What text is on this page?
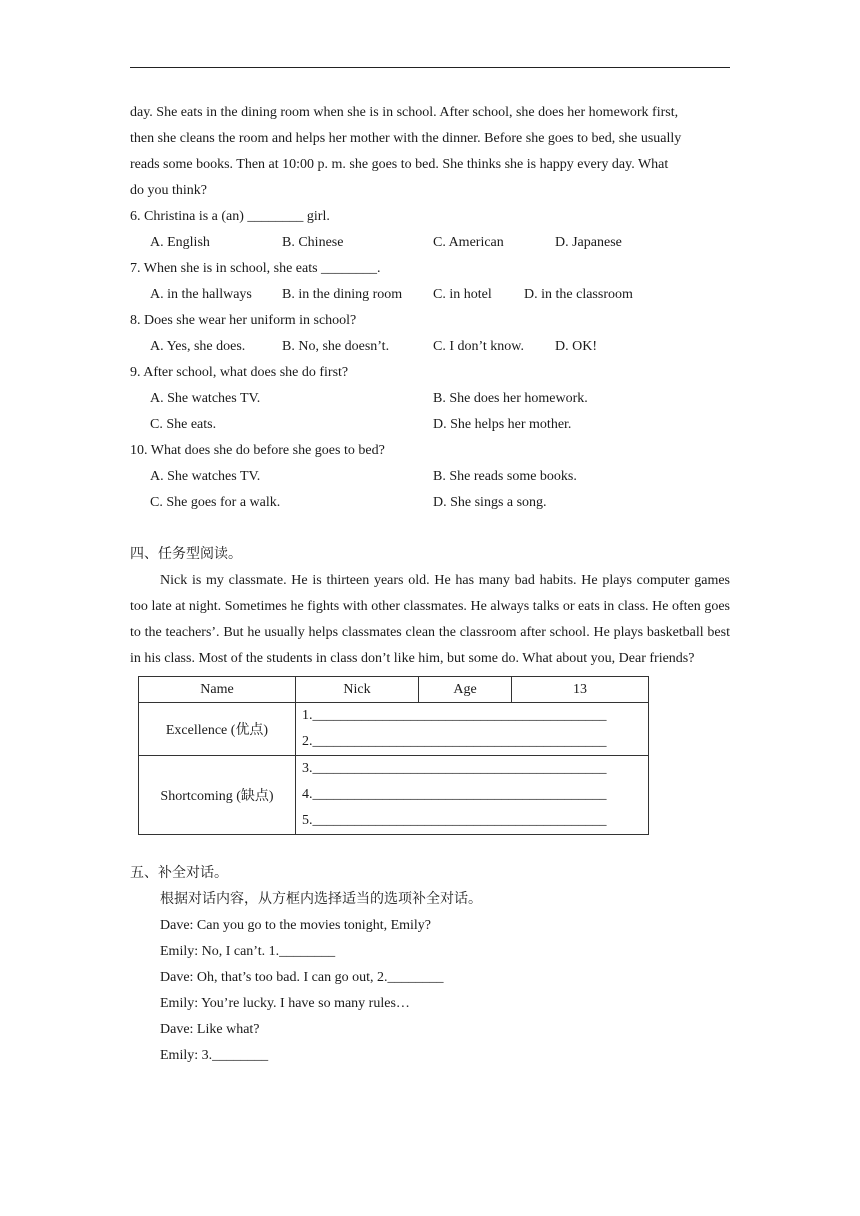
day. She eats in the dining room when she is in school. After school, she does her homework first,

then she cleans the room and helps her mother with the dinner. Before she goes to bed, she usually

reads some books. Then at 10:00 p. m. she goes to bed. She thinks she is happy every day. What

do you think?

6. Christina is a (an) ________ girl.

A. English	B. Chinese	C. American	D. Japanese

7. When she is in school, she eats ________.

A. in the hallways B. in the dining room C. in hotel D. in the classroom

8. Does she wear her uniform in school?

A. Yes, she does.	B. No, she doesn’t.	C. I don’t know. D. OK!

9. After school, what does she do first?

A. She watches TV.	B. She does her homework.
C. She eats.	D. She helps her mother.

10. What does she do before she goes to bed?

A. She watches TV.	B. She reads some books.
C. She goes for a walk.	D. She sings a song.

四、任务型阅读。

Nick is my classmate. He is thirteen years old. He has many bad habits. He plays computer games too late at night. Sometimes he fights with other classmates. He always talks or eats in class. He often goes to the teachers’. But he usually helps classmates clean the classroom after school. He plays basketball best in his class. Most of the students in class don’t like him, but some do. What about you, Dear friends?

Name	Nick	Age	13
Excellence (优点)	1.__________________________________________
2.__________________________________________		

Shortcoming (缺点)	3.__________________________________________
4.__________________________________________
5.__________________________________________		

五、补全对话。

根据对话内容，从方框内选择适当的选项补全对话。

Dave: Can you go to the movies tonight, Emily?

Emily: No, I can’t. 1.________

Dave: Oh, that’s too bad. I can go out, 2.________

Emily: You’re lucky. I have so many rules…

Dave: Like what?

Emily: 3.________
